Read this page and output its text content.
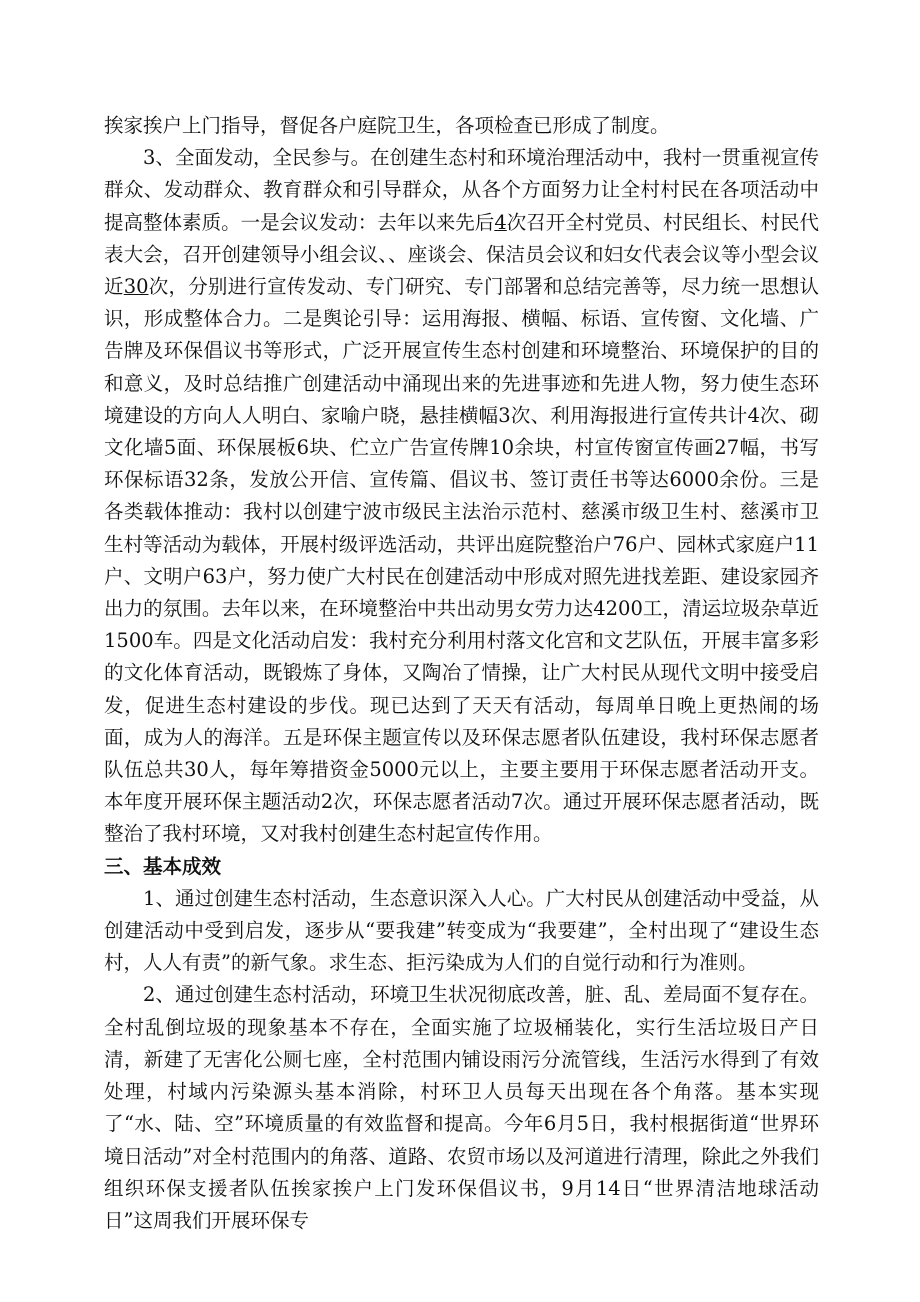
挨家挨户上门指导，督促各户庭院卫生，各项检查已形成了制度。

3、全面发动，全民参与。在创建生态村和环境治理活动中，我村一贯重视宣传群众、发动群众、教育群众和引导群众，从各个方面努力让全村村民在各项活动中提高整体素质。一是会议发动：去年以来先后4次召开全村党员、村民组长、村民代表大会，召开创建领导小组会议、、座谈会、保洁员会议和妇女代表会议等小型会议近30次，分别进行宣传发动、专门研究、专门部署和总结完善等，尽力统一思想认识，形成整体合力。二是舆论引导：运用海报、横幅、标语、宣传窗、文化墙、广告牌及环保倡议书等形式，广泛开展宣传生态村创建和环境整治、环境保护的目的和意义，及时总结推广创建活动中涌现出来的先进事迹和先进人物，努力使生态环境建设的方向人人明白、家喻户晓，悬挂横幅3次、利用海报进行宣传共计4次、砌文化墙5面、环保展板6块、伫立广告宣传牌10余块，村宣传窗宣传画27幅，书写环保标语32条，发放公开信、宣传篇、倡议书、签订责任书等达6000余份。三是各类载体推动：我村以创建宁波市级民主法治示范村、慈溪市级卫生村、慈溪市卫生村等活动为载体，开展村级评选活动，共评出庭院整治户76户、园林式家庭户11户、文明户63户，努力使广大村民在创建活动中形成对照先进找差距、建设家园齐出力的氛围。去年以来，在环境整治中共出动男女劳力达4200工，清运垃圾杂草近1500车。四是文化活动启发：我村充分利用村落文化宫和文艺队伍，开展丰富多彩的文化体育活动，既锻炼了身体，又陶冶了情操，让广大村民从现代文明中接受启发，促进生态村建设的步伐。现已达到了天天有活动，每周单日晚上更热闹的场面，成为人的海洋。五是环保主题宣传以及环保志愿者队伍建设，我村环保志愿者队伍总共30人，每年筹措资金5000元以上，主要主要用于环保志愿者活动开支。本年度开展环保主题活动2次，环保志愿者活动7次。通过开展环保志愿者活动，既整治了我村环境，又对我村创建生态村起宣传作用。

三、基本成效

1、通过创建生态村活动，生态意识深入人心。广大村民从创建活动中受益，从创建活动中受到启发，逐步从“要我建”转变成为“我要建”，全村出现了“建设生态村，人人有责”的新气象。求生态、拒污染成为人们的自觉行动和行为准则。

2、通过创建生态村活动，环境卫生状况彻底改善，脏、乱、差局面不复存在。全村乱倒垃圾的现象基本不存在，全面实施了垃圾桶装化，实行生活垃圾日产日清，新建了无害化公厕七座，全村范围内铺设雨污分流管线，生活污水得到了有效处理，村域内污染源头基本消除，村环卫人员每天出现在各个角落。基本实现了“水、陆、空”环境质量的有效监督和提高。今年6月5日，我村根据街道“世界环境日活动”对全村范围内的角落、道路、农贸市场以及河道进行清理，除此之外我们组织环保支援者队伍挨家挨户上门发环保倡议书，9月14日“世界清洁地球活动日”这周我们开展环保专
